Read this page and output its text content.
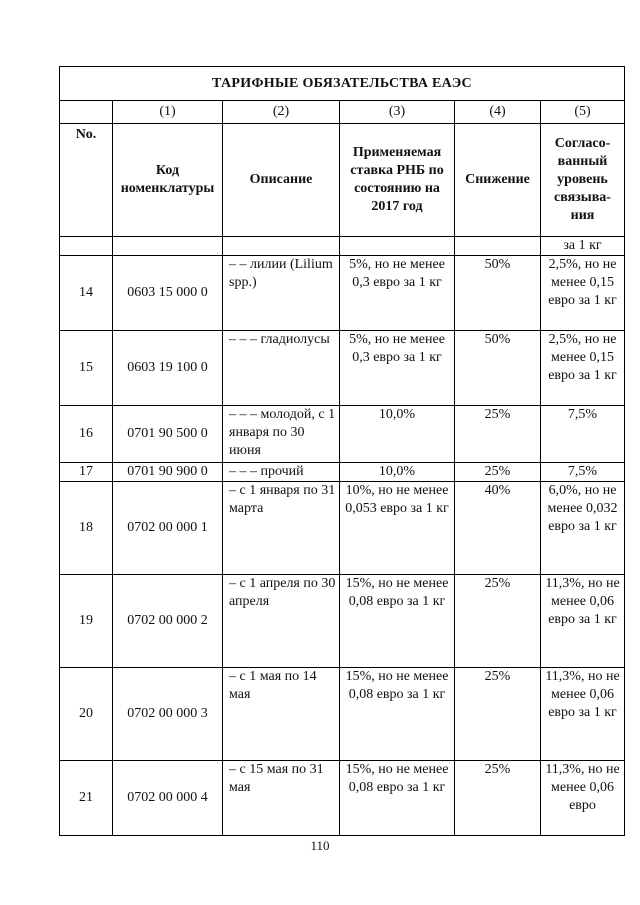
ТАРИФНЫЕ ОБЯЗАТЕЛЬСТВА ЕАЭС					
	(1)	(2)	(3)	(4)	(5)
No.	Код номенклатуры	Описание	Применяемая ставка РНБ по состоянию на 2017 год	Снижение	Согласо-ванный уровень связыва-ния
					за 1 кг
14	0603 15 000 0	– – лилии (Lilium spp.)	5%, но не менее 0,3 евро за 1 кг	50%	2,5%, но не менее 0,15 евро за 1 кг
15	0603 19 100 0	– – – гладиолусы	5%, но не менее 0,3 евро за 1 кг	50%	2,5%, но не менее 0,15 евро за 1 кг
16	0701 90 500 0	– – – молодой, с 1 января по 30 июня	10,0%	25%	7,5%
17	0701 90 900 0	– – – прочий	10,0%	25%	7,5%
18	0702 00 000 1	– с 1 января по 31 марта	10%, но не менее 0,053 евро за 1 кг	40%	6,0%, но не менее 0,032 евро за 1 кг
19	0702 00 000 2	– с 1 апреля по 30 апреля	15%, но не менее 0,08 евро за 1 кг	25%	11,3%, но не менее 0,06 евро за 1 кг
20	0702 00 000 3	– с 1 мая по 14 мая	15%, но не менее 0,08 евро за 1 кг	25%	11,3%, но не менее 0,06 евро за 1 кг
21	0702 00 000 4	– с 15 мая по 31 мая	15%, но не менее 0,08 евро за 1 кг	25%	11,3%, но не менее 0,06 евро
110
